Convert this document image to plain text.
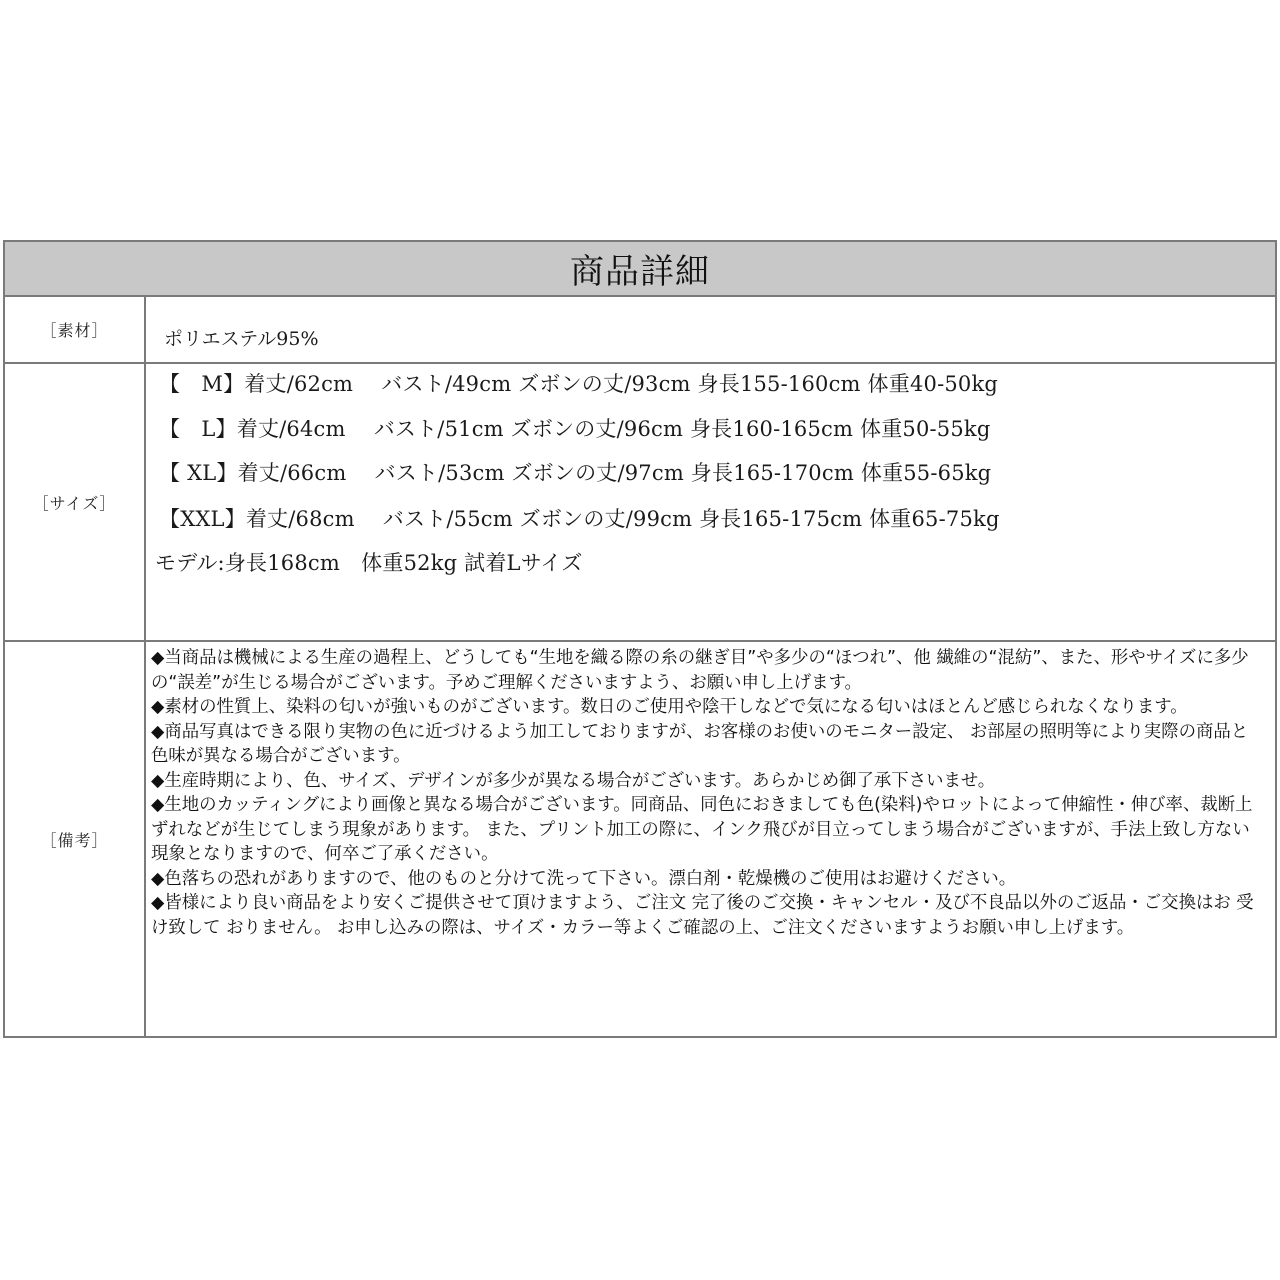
商品詳細
［素材］	ポリエステル95%
［サイズ］
【　M】着丈/62cm　 バスト/49cm ズボンの丈/93cm 身長155-160cm 体重40-50kg
【　L】着丈/64cm　 バスト/51cm ズボンの丈/96cm 身長160-165cm 体重50-55kg
【 XL】着丈/66cm　 バスト/53cm ズボンの丈/97cm 身長165-170cm 体重55-65kg
【XXL】着丈/68cm　 バスト/55cm ズボンの丈/99cm 身長165-175cm 体重65-75kg
モデル:身長168cm　体重52kg 試着Lサイズ
［備考］

◆当商品は機械による生産の過程上、どうしても“生地を織る際の糸の継ぎ目”や多少の“ほつれ”、他 繊維の“混紡”、また、形やサイズに多少の“誤差”が生じる場合がございます。予めご理解くださいますよう、お願い申し上げます。

◆素材の性質上、染料の匂いが強いものがございます。数日のご使用や陰干しなどで気になる匂いはほとんど感じられなくなります。

◆商品写真はできる限り実物の色に近づけるよう加工しておりますが、お客様のお使いのモニター設定、 お部屋の照明等により実際の商品と色味が異なる場合がございます。

◆生産時期により、色、サイズ、デザインが多少が異なる場合がございます。あらかじめ御了承下さいませ。

◆生地のカッティングにより画像と異なる場合がございます。同商品、同色におきましても色(染料)やロットによって伸縮性・伸び率、裁断上ずれなどが生じてしまう現象があります。 また、プリント加工の際に、インク飛びが目立ってしまう場合がございますが、手法上致し方ない現象となりますので、何卒ご了承ください。

◆色落ちの恐れがありますので、他のものと分けて洗って下さい。漂白剤・乾燥機のご使用はお避けください。

◆皆様により良い商品をより安くご提供させて頂けますよう、ご注文 完了後のご交換・キャンセル・及び不良品以外のご返品・ご交換はお 受け致して おりません。 お申し込みの際は、サイズ・カラー等よくご確認の上、ご注文くださいますようお願い申し上げます。
